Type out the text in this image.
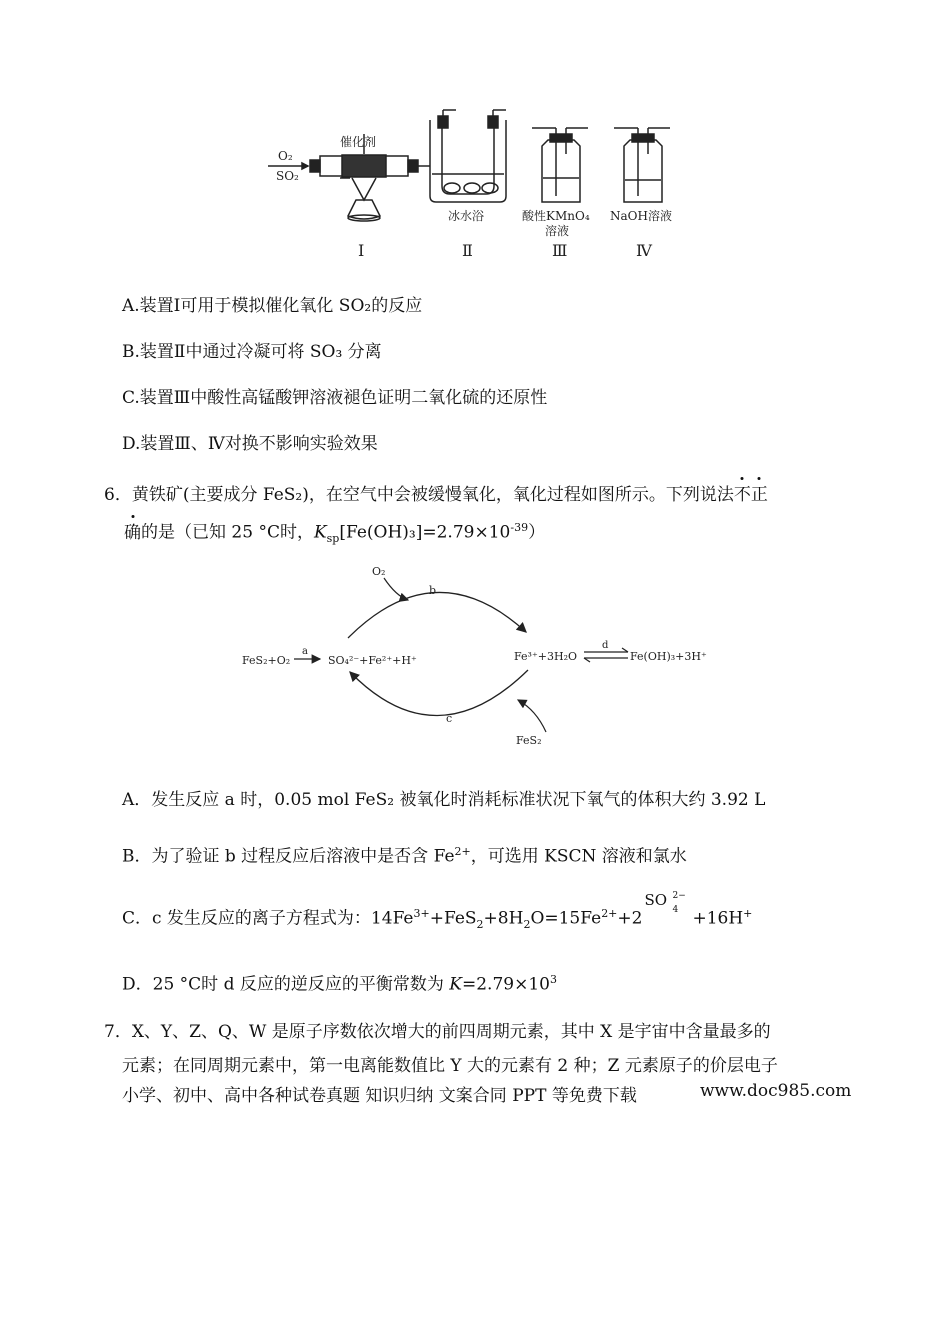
催化剂
O₂
SO₂
冰水浴	酸性KMnO₄
溶液
NaOH溶液
Ⅰ	Ⅱ	Ⅲ	Ⅳ
A.装置Ⅰ可用于模拟催化氧化 SO₂的反应
B.装置Ⅱ中通过冷凝可将 SO₃ 分离
C.装置Ⅲ中酸性高锰酸钾溶液褪色证明二氧化硫的还原性
D.装置Ⅲ、Ⅳ对换不影响实验效果
6．黄铁矿(主要成分 FeS₂)，在空气中会被缓慢氧化，氧化过程如图所示。下列说法
不
正
确的是（已知 25 °C时，$K_{sp}[Fe(OH)_3]=2.79\times 10^{-39}$）
O₂
b
a
FeS₂+O₂	SO₄²⁻+Fe²⁺+H⁺
d
Fe³⁺+3H₂O	Fe(OH)₃+3H⁺
c
FeS₂
A．发生反应 a 时，0.05 mol FeS₂ 被氧化时消耗标准状况下氧气的体积大约 3.92 L
B．为了验证 b 过程反应后溶液中是否含 $Fe^{2+}$，可选用 KSCN 溶液和氯水
C．c 发生反应的离子方程式为：$14Fe^{3+}+FeS_2+8H_2O=15Fe^{2+}+2$
SO 2−
4 +16H+
D．25 °C时 d 反应的逆反应的平衡常数为 $K=2.79\times 10^3$
7．X、Y、Z、Q、W 是原子序数依次增大的前四周期元素，其中 X 是宇宙中含量最多的
元素；在同周期元素中，第一电离能数值比 Y 大的元素有 2 种；Z 元素原子的价层电子
小学、初中、高中各种试卷真题 知识归纳 文案合同 PPT 等免费下载	www.doc985.com
